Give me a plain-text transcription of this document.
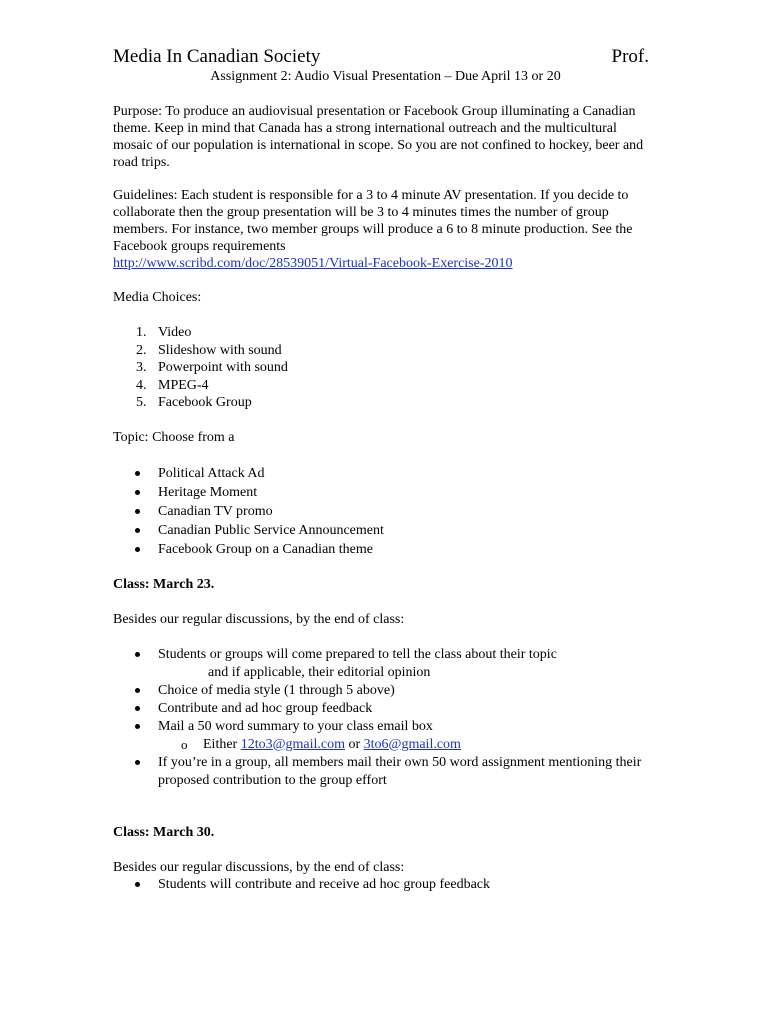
Media In Canadian Society	Prof.
Assignment 2: Audio Visual Presentation – Due April 13 or 20

Purpose: To produce an audiovisual presentation or Facebook Group illuminating a Canadian theme. Keep in mind that Canada has a strong international outreach and the multicultural mosaic of our population is international in scope. So you are not confined to hockey, beer and road trips.

Guidelines: Each student is responsible for a 3 to 4 minute AV presentation. If you decide to collaborate then the group presentation will be 3 to 4 minutes times the number of group members. For instance, two member groups will produce a 6 to 8 minute production. See the Facebook groups requirements

http://www.scribd.com/doc/28539051/Virtual-Facebook-Exercise-2010

Media Choices:

1. Video
2. Slideshow with sound
3. Powerpoint with sound
4. MPEG-4
5. Facebook Group

Topic: Choose from a

Political Attack Ad
Heritage Moment
Canadian TV promo
Canadian Public Service Announcement
Facebook Group on a Canadian theme

Class: March 23.

Besides our regular discussions, by the end of class:

Students or groups will come prepared to tell the class about their topic
and if applicable, their editorial opinion
Choice of media style (1 through 5 above)
Contribute and ad hoc group feedback
Mail a 50 word summary to your class email box
o Either 12to3@gmail.com or 3to6@gmail.com
If you’re in a group, all members mail their own 50 word assignment mentioning their proposed contribution to the group effort

Class: March 30.

Besides our regular discussions, by the end of class:

Students will contribute and receive ad hoc group feedback
